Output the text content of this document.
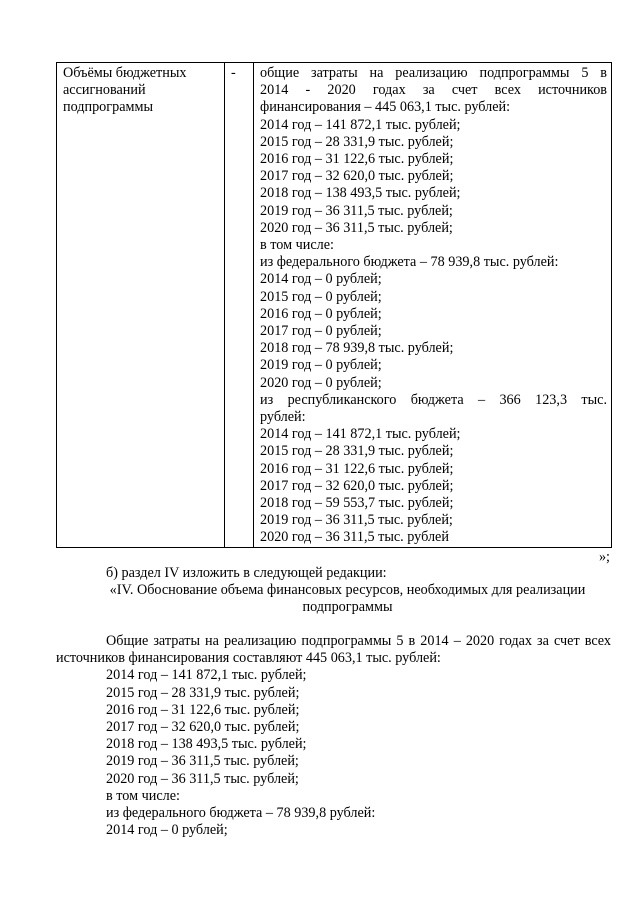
Объёмы бюджетных ассигнований подпрограммы	-	общие затраты на реализацию подпрограммы 5 в
2014 - 2020 годах за счет всех источников
финансирования – 445 063,1 тыс. рублей:
2014 год – 141 872,1 тыс. рублей;
2015 год – 28 331,9 тыс. рублей;
2016 год – 31 122,6 тыс. рублей;
2017 год – 32 620,0 тыс. рублей;
2018 год – 138 493,5 тыс. рублей;
2019 год – 36 311,5 тыс. рублей;
2020 год – 36 311,5 тыс. рублей;
в том числе:
из федерального бюджета – 78 939,8 тыс. рублей:
2014 год – 0 рублей;
2015 год – 0 рублей;
2016 год – 0 рублей;
2017 год – 0 рублей;
2018 год – 78 939,8 тыс. рублей;
2019 год – 0 рублей;
2020 год – 0 рублей;
из республиканского бюджета – 366 123,3 тыс.
рублей:
2014 год – 141 872,1 тыс. рублей;
2015 год – 28 331,9 тыс. рублей;
2016 год – 31 122,6 тыс. рублей;
2017 год – 32 620,0 тыс. рублей;
2018 год – 59 553,7 тыс. рублей;
2019 год – 36 311,5 тыс. рублей;
2020 год – 36 311,5 тыс. рублей
»;
б) раздел IV изложить в следующей редакции:
«IV. Обоснование объема финансовых ресурсов, необходимых для реализации подпрограммы
Общие затраты на реализацию подпрограммы 5 в 2014 – 2020 годах за счет всех источников финансирования составляют 445 063,1 тыс. рублей:
2014 год – 141 872,1 тыс. рублей;
2015 год – 28 331,9 тыс. рублей;
2016 год – 31 122,6 тыс. рублей;
2017 год – 32 620,0 тыс. рублей;
2018 год – 138 493,5 тыс. рублей;
2019 год – 36 311,5 тыс. рублей;
2020 год – 36 311,5 тыс. рублей;
в том числе:
из федерального бюджета – 78 939,8 рублей:
2014 год – 0 рублей;
